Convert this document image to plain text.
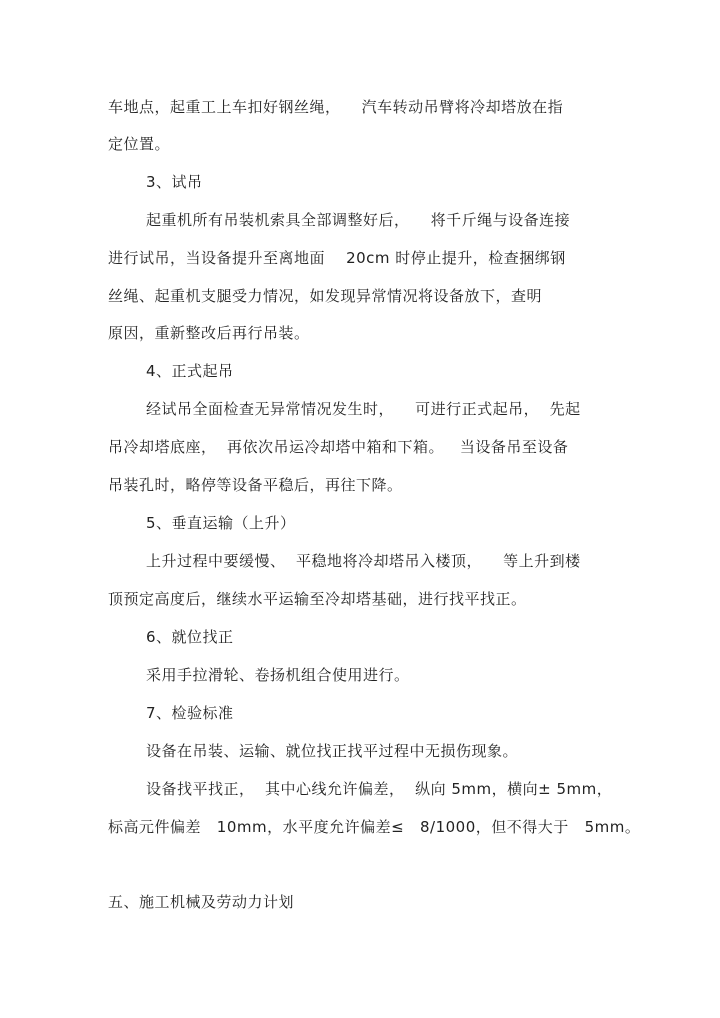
车地点，起重工上车扣好钢丝绳，    汽车转动吊臂将冷却塔放在指
定位置。
3、试吊
起重机所有吊装机索具全部调整好后，    将千斤绳与设备连接
进行试吊，当设备提升至离地面    20cm 时停止提升，检查捆绑钢
丝绳、起重机支腿受力情况，如发现异常情况将设备放下，查明
原因，重新整改后再行吊装。
4、正式起吊
经试吊全面检查无异常情况发生时，    可进行正式起吊，  先起
吊冷却塔底座，  再依次吊运冷却塔中箱和下箱。   当设备吊至设备
吊装孔时，略停等设备平稳后，再往下降。
5、垂直运输（上升）
上升过程中要缓慢、  平稳地将冷却塔吊入楼顶，    等上升到楼
顶预定高度后，继续水平运输至冷却塔基础，进行找平找正。
6、就位找正
采用手拉滑轮、卷扬机组合使用进行。
7、检验标准
设备在吊装、运输、就位找正找平过程中无损伤现象。
设备找平找正，  其中心线允许偏差，  纵向 5mm，横向± 5mm，
标高元件偏差   10mm，水平度允许偏差≤   8/1000，但不得大于   5mm。
五、施工机械及劳动力计划
